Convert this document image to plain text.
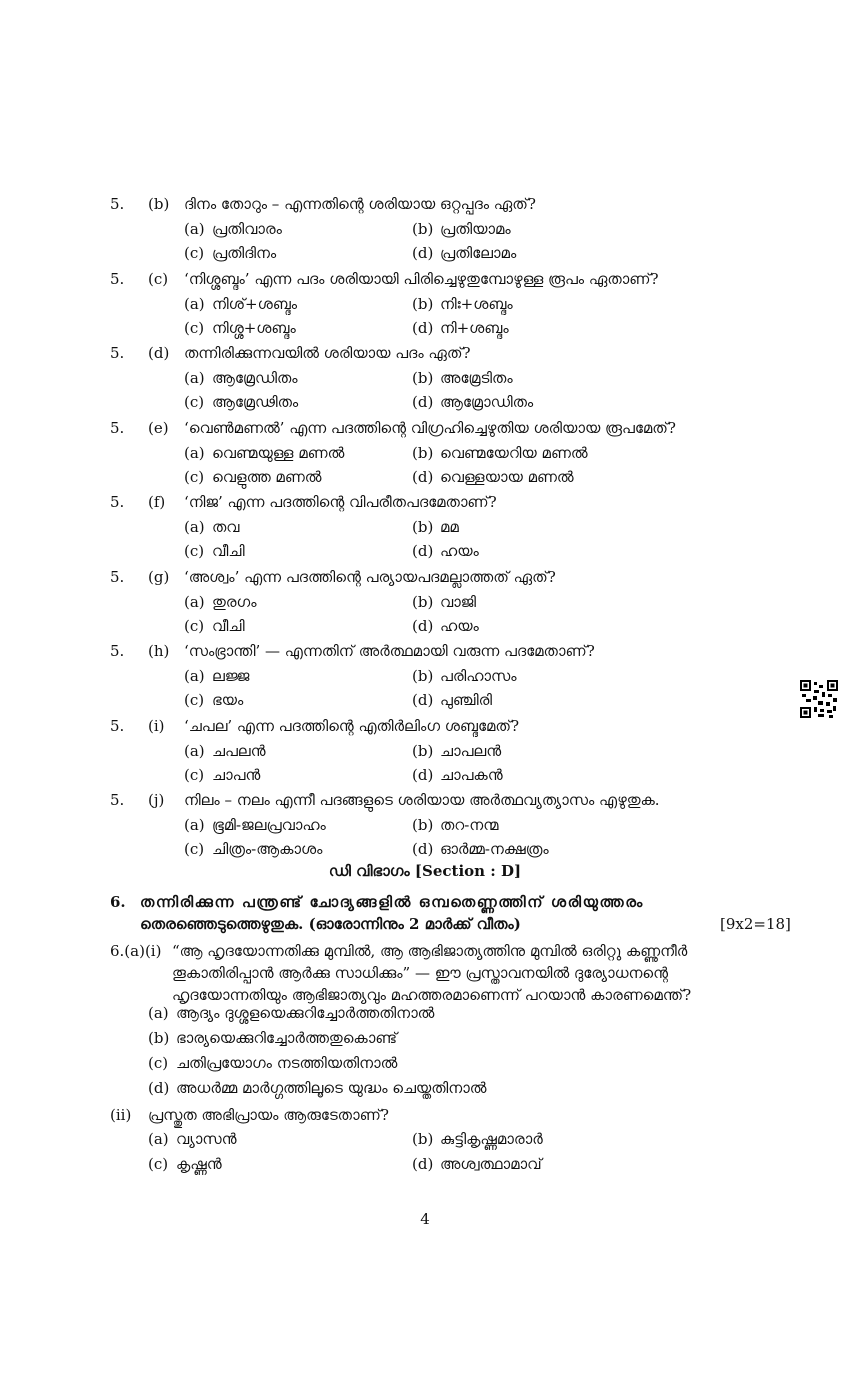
5. (b) ദിനം തോറും – എന്നതിന്റെ ശരിയായ ഒറ്റപ്പദം ഏത്?
(a) പ്രതിവാരം	(b) പ്രതിയാമം
(c) പ്രതിദിനം	(d) പ്രതിലോമം
5. (c) ‘നിശ്ശബ്ദം’ എന്ന പദം ശരിയായി പിരിച്ചെഴുതുമ്പോഴുള്ള രൂപം ഏതാണ്?
(a) നിശ്+ശബ്ദം	(b) നിഃ+ശബ്ദം
(c) നിശ്ശ+ശബ്ദം	(d) നി+ശബ്ദം
5. (d) തന്നിരിക്കുന്നവയിൽ ശരിയായ പദം ഏത്?
(a) ആമ്രേഡിതം	(b) അമ്രേടിതം
(c) ആമ്രേഢിതം	(d) ആമ്രോഡിതം
5. (e) ‘വെൺമണൽ’ എന്ന പദത്തിന്റെ വിഗ്രഹിച്ചെഴുതിയ ശരിയായ രൂപമേത്?
(a) വെണ്മയുള്ള മണൽ	(b) വെണ്മയേറിയ മണൽ
(c) വെളുത്ത മണൽ	(d) വെള്ളയായ മണൽ
5. (f) ‘നിജ’ എന്ന പദത്തിന്റെ വിപരീതപദമേതാണ്?
(a) തവ	(b) മമ
(c) വീചി	(d) ഹയം
5. (g) ‘അശ്വം’ എന്ന പദത്തിന്റെ പര്യായപദമല്ലാത്തത് ഏത്?
(a) തുരഗം	(b) വാജി
(c) വീചി	(d) ഹയം
5. (h) ‘സംഭ്രാന്തി’ — എന്നതിന് അർത്ഥമായി വരുന്ന പദമേതാണ്?
(a) ലജ്ജ	(b) പരിഹാസം
(c) ഭയം	(d) പുഞ്ചിരി
5. (i) ‘ചപല’ എന്ന പദത്തിന്റെ എതിർലിംഗ ശബ്ദമേത്?
(a) ചപലൻ	(b) ചാപലൻ
(c) ചാപൻ	(d) ചാപകൻ
5. (j) നിലം – നലം എന്നീ പദങ്ങളുടെ ശരിയായ അർത്ഥവ്യത്യാസം എഴുതുക.
(a) ഭൂമി-ജലപ്രവാഹം	(b) തറ-നന്മ
(c) ചിത്രം-ആകാശം	(d) ഓർമ്മ-നക്ഷത്രം
ഡി വിഭാഗം [Section : D]
6. തന്നിരിക്കുന്ന പന്ത്രണ്ട് ചോദ്യങ്ങളിൽ ഒമ്പതെണ്ണത്തിന് ശരിയുത്തരം
തെരഞ്ഞെടുത്തെഴുതുക. (ഓരോന്നിനും 2 മാർക്ക് വീതം)	[9x2=18]
6.(a)(i) “ആ ഹൃദയോന്നതിക്കു മുമ്പിൽ, ആ ആഭിജാത്യത്തിനു മുമ്പിൽ ഒരിറ്റു കണ്ണുനീർ
തൂകാതിരിപ്പാൻ ആർക്കു സാധിക്കും” — ഈ പ്രസ്താവനയിൽ ദുര്യോധനന്റെ
ഹൃദയോന്നതിയും ആഭിജാത്യവും മഹത്തരമാണെന്ന് പറയാൻ കാരണമെന്ത്?
(a) ആദ്യം ദുശ്ശളയെക്കുറിച്ചോർത്തതിനാൽ
(b) ഭാര്യയെക്കുറിച്ചോർത്തതുകൊണ്ട്
(c) ചതിപ്രയോഗം നടത്തിയതിനാൽ
(d) അധർമ്മ മാർഗ്ഗത്തിലൂടെ യുദ്ധം ചെയ്തതിനാൽ
(ii) പ്രസ്തുത അഭിപ്രായം ആരുടേതാണ്?
(a) വ്യാസൻ	(b) കുട്ടികൃഷ്ണമാരാർ
(c) കൃഷ്ണൻ	(d) അശ്വത്ഥാമാവ്
4
